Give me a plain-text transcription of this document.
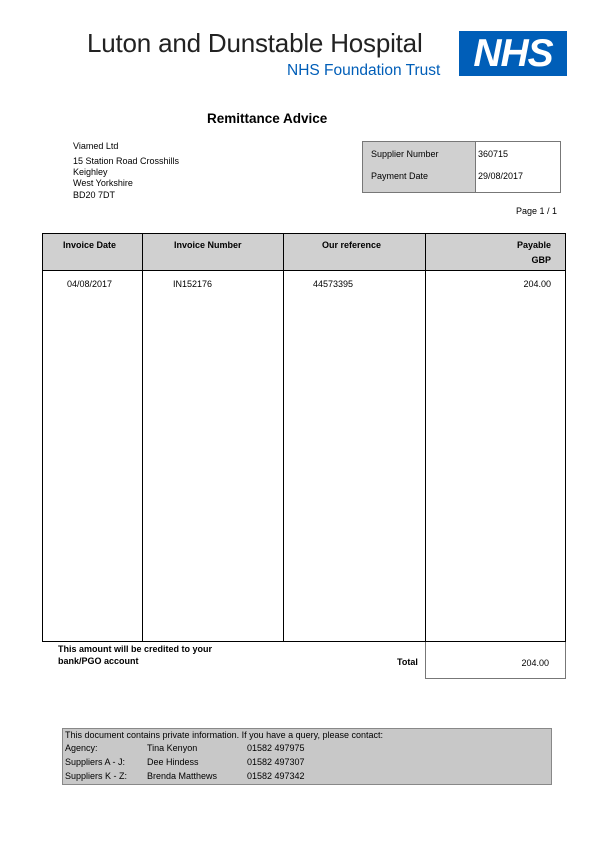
Luton and Dunstable Hospital
NHS Foundation Trust NHS
Remittance Advice
Viamed Ltd
15 Station Road Crosshills
Keighley
West Yorkshire
BD20 7DT
Supplier Number	360715
Payment Date	29/08/2017
Page 1 / 1
Invoice Date	Invoice Number	Our reference	Payable
GBP
04/08/2017	IN152176	44573395	204.00
This amount will be credited to your
bank/PGO account	Total	204.00
This document contains private information. If you have a query, please contact:
Agency:	Tina Kenyon	01582 497975
Suppliers A - J: Dee Hindess	01582 497307
Suppliers K - Z: Brenda Matthews	01582 497342
